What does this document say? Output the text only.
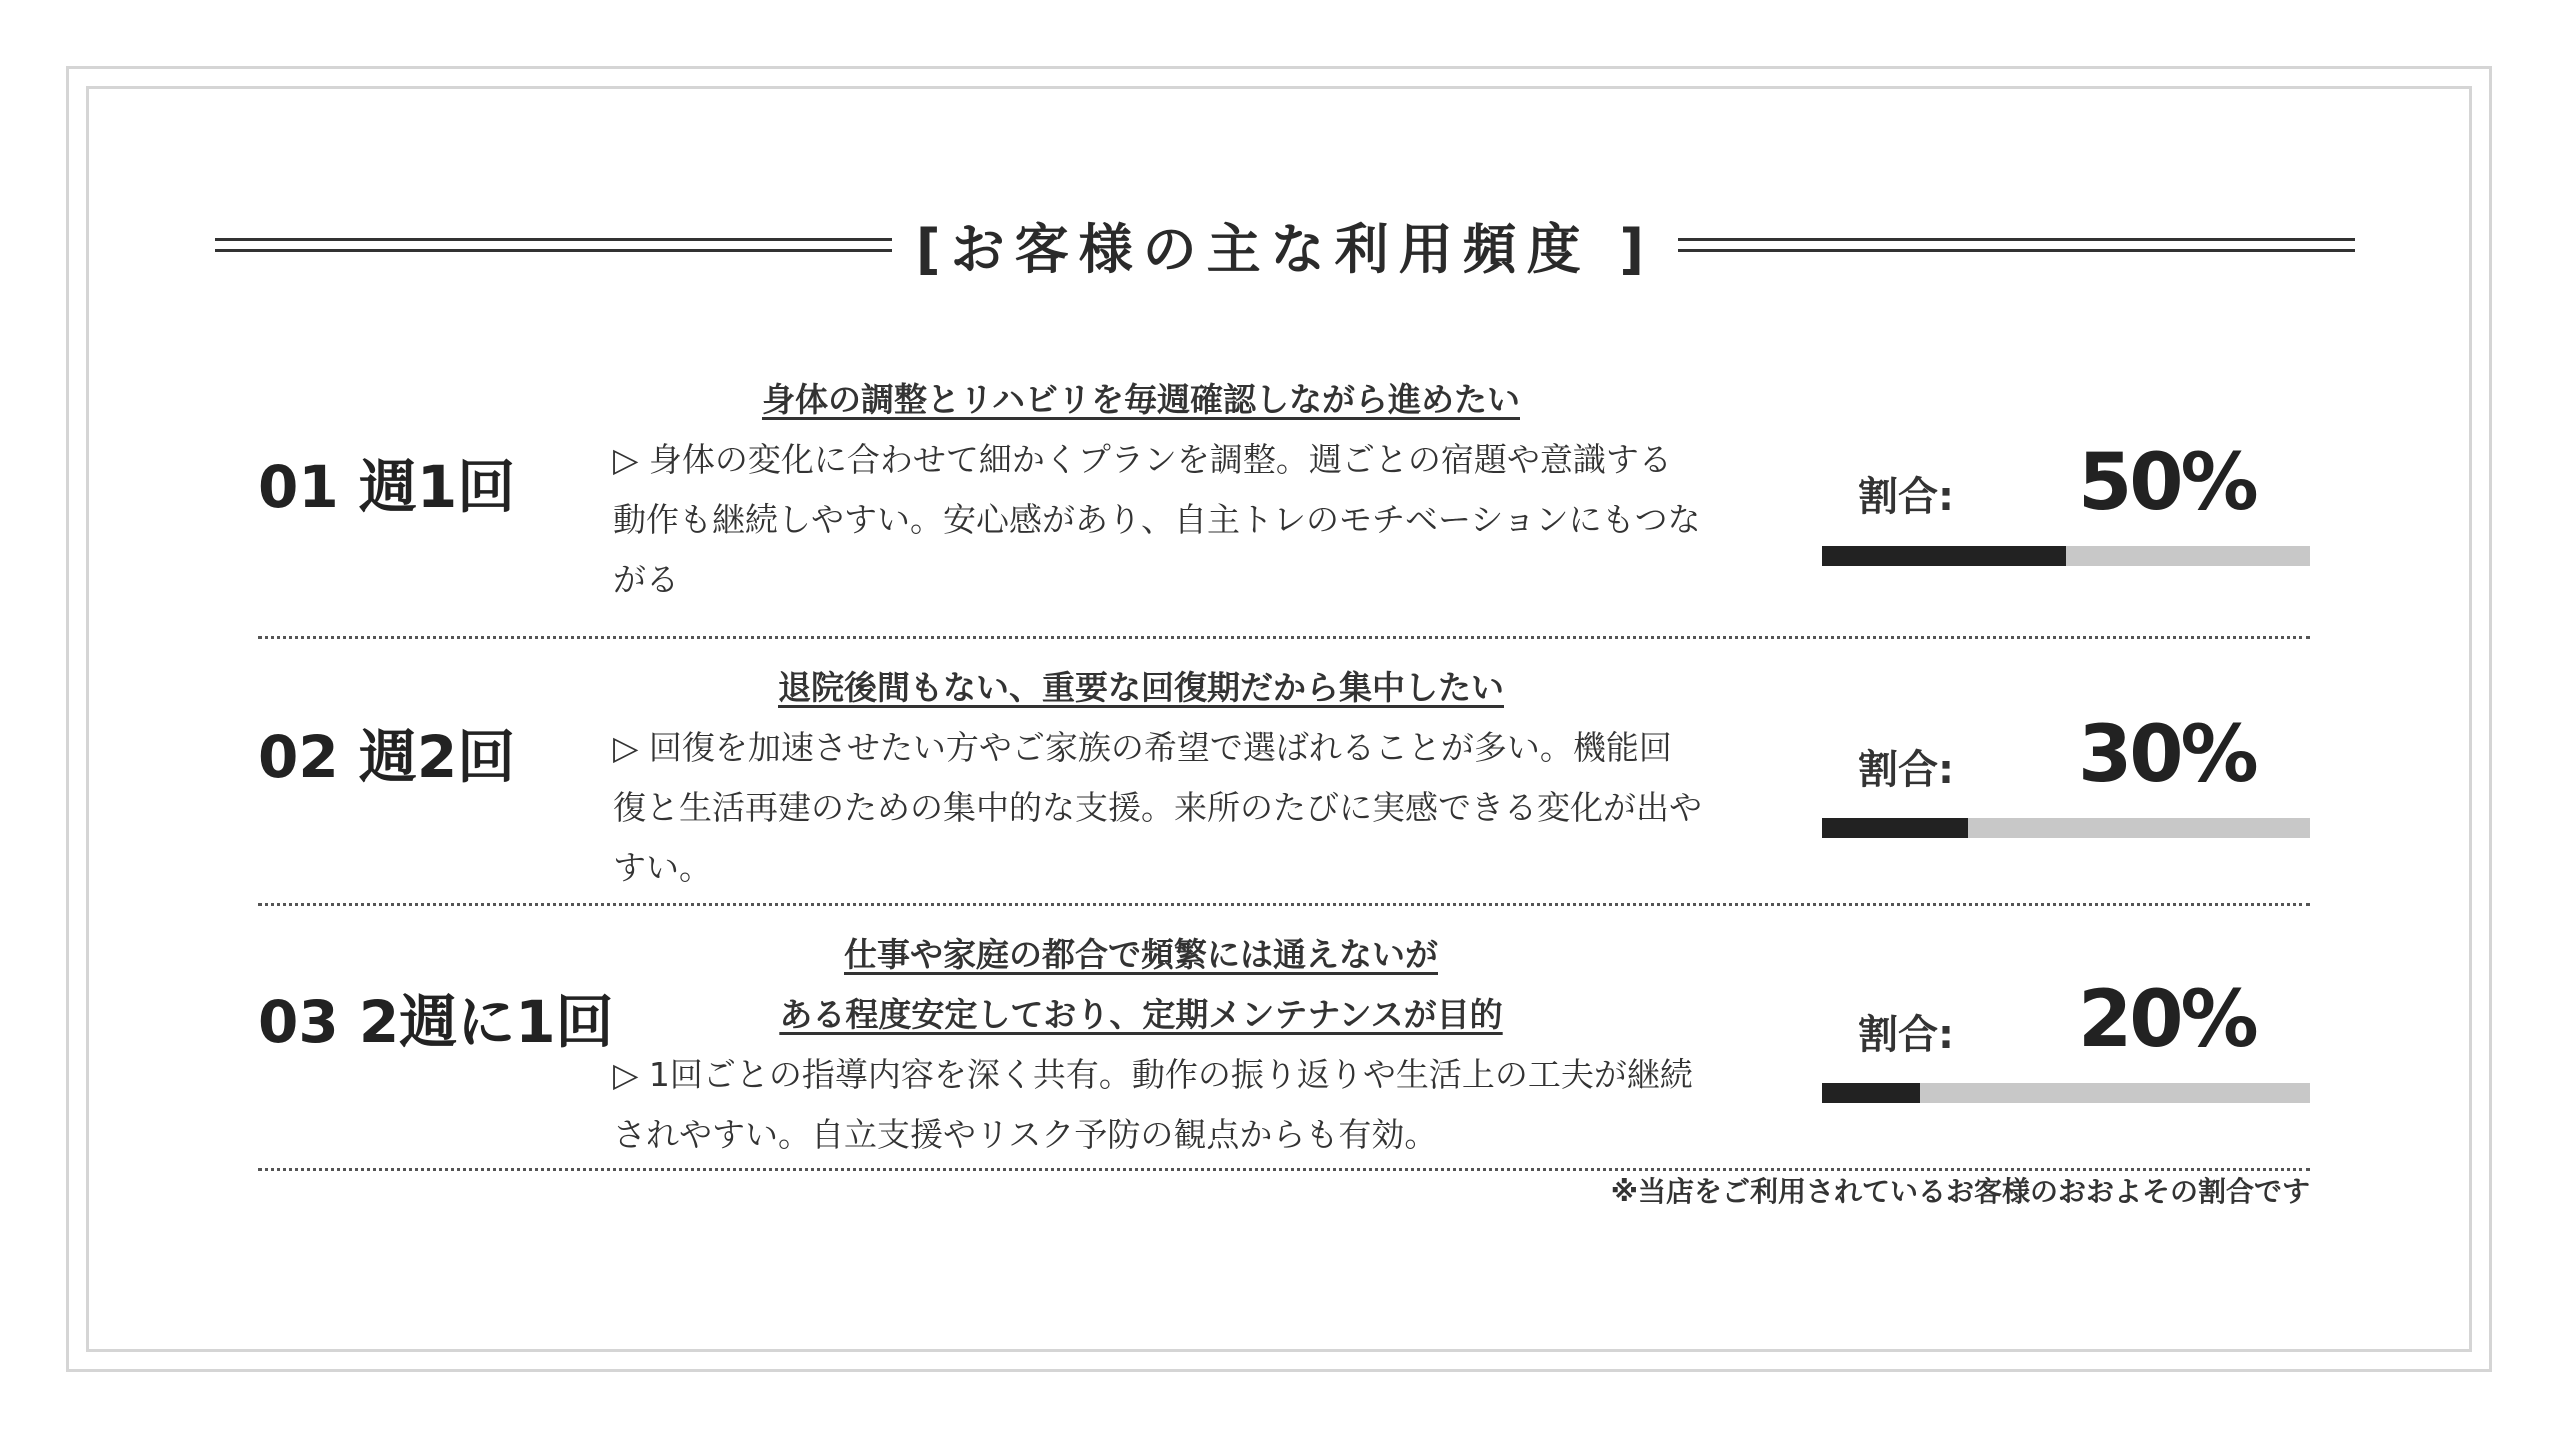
[お客様の主な利用頻度 ]
01 週1回
身体の調整とリハビリを毎週確認しながら進めたい
▷ 身体の変化に合わせて細かくプランを調整。週ごとの宿題や意識する動作も継続しやすい。安心感があり、自主トレのモチベーションにもつながる
割合: 50%
02 週2回
退院後間もない、重要な回復期だから集中したい
▷ 回復を加速させたい方やご家族の希望で選ばれることが多い。機能回復と生活再建のための集中的な支援。来所のたびに実感できる変化が出やすい。
割合: 30%
03 2週に1回
仕事や家庭の都合で頻繁には通えないが
ある程度安定しており、定期メンテナンスが目的
▷ 1回ごとの指導内容を深く共有。動作の振り返りや生活上の工夫が継続されやすい。自立支援やリスク予防の観点からも有効。
割合: 20%
※当店をご利用されているお客様のおおよその割合です
